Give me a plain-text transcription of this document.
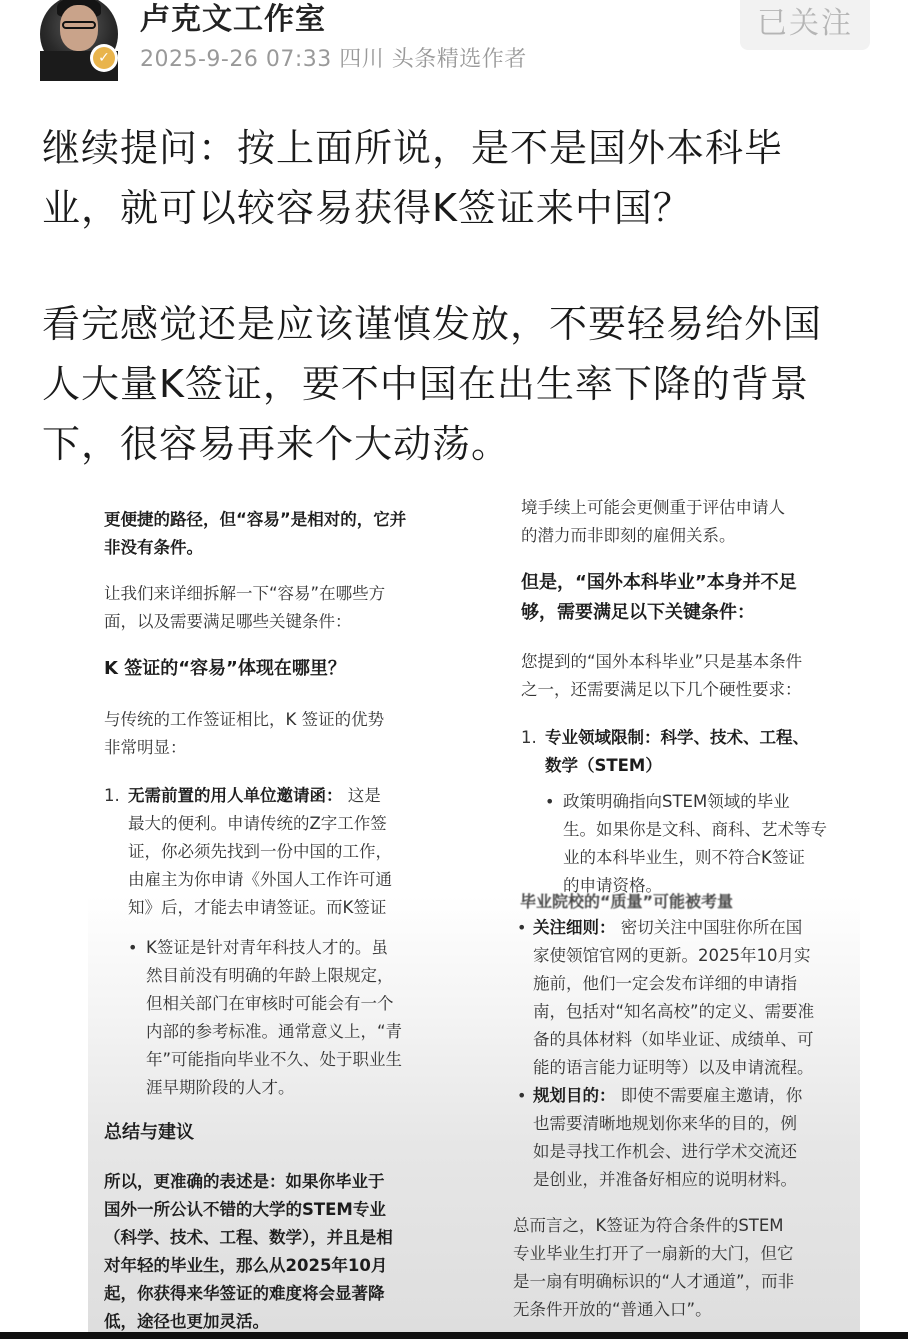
✓
卢克文工作室
2025-9-26 07:33 四川 头条精选作者
已关注

继续提问：按上面所说，是不是国外本科毕
业，就可以较容易获得K签证来中国？

看完感觉还是应该谨慎发放，不要轻易给外国
人大量K签证，要不中国在出生率下降的背景
下，很容易再来个大动荡。

更便捷的路径，但“容易”是相对的，它并

非没有条件。

让我们来详细拆解一下“容易”在哪些方

面，以及需要满足哪些关键条件：

K 签证的“容易”体现在哪里？

与传统的工作签证相比，K 签证的优势

非常明显：

1. 无需前置的用人单位邀请函： 这是

最大的便利。申请传统的Z字工作签

证，你必须先找到一份中国的工作，

由雇主为你申请《外国人工作许可通

知》后，才能去申请签证。而K签证

• K签证是针对青年科技人才的。虽

然目前没有明确的年龄上限规定，

但相关部门在审核时可能会有一个

内部的参考标准。通常意义上，“青

年”可能指向毕业不久、处于职业生

涯早期阶段的人才。

总结与建议

所以，更准确的表述是：如果你毕业于

国外一所公认不错的大学的STEM专业

（科学、技术、工程、数学），并且是相

对年轻的毕业生，那么从2025年10月

起，你获得来华签证的难度将会显著降

低，途径也更加灵活。

境手续上可能会更侧重于评估申请人

的潜力而非即刻的雇佣关系。

但是，“国外本科毕业”本身并不足

够，需要满足以下关键条件：

您提到的“国外本科毕业”只是基本条件

之一，还需要满足以下几个硬性要求：

1. 专业领域限制：科学、技术、工程、

数学（STEM）

• 政策明确指向STEM领域的毕业

生。如果你是文科、商科、艺术等专

业的本科毕业生，则不符合K签证

的申请资格。

毕业院校的“质量”可能被考量
• 关注细则： 密切关注中国驻你所在国

家使领馆官网的更新。2025年10月实

施前，他们一定会发布详细的申请指

南，包括对“知名高校”的定义、需要准

备的具体材料（如毕业证、成绩单、可

能的语言能力证明等）以及申请流程。

• 规划目的： 即使不需要雇主邀请，你

也需要清晰地规划你来华的目的，例

如是寻找工作机会、进行学术交流还

是创业，并准备好相应的说明材料。

总而言之，K签证为符合条件的STEM

专业毕业生打开了一扇新的大门，但它

是一扇有明确标识的“人才通道”，而非

无条件开放的“普通入口”。
